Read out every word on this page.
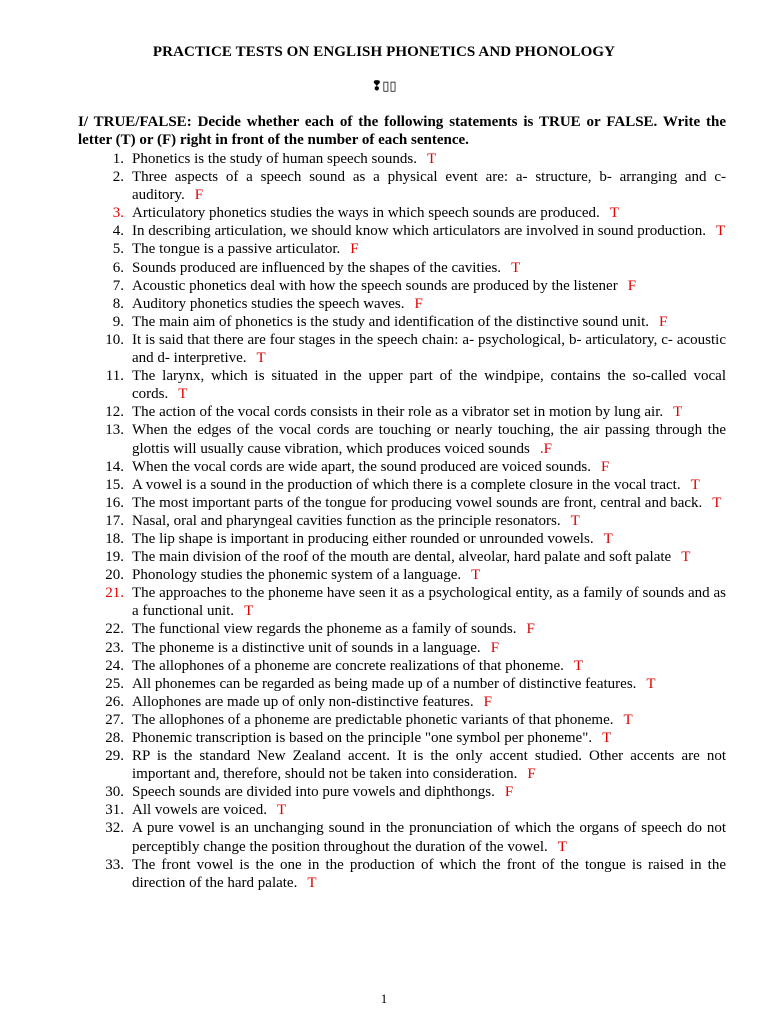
PRACTICE TESTS ON ENGLISH PHONETICS AND PHONOLOGY
❢▯▯
I/ TRUE/FALSE: Decide whether each of the following statements is TRUE or FALSE. Write the letter (T) or (F) right in front of the number of each sentence.
1. Phonetics is the study of human speech sounds. T
2. Three aspects of a speech sound as a physical event are: a- structure, b- arranging and c- auditory. F
3. Articulatory phonetics studies the ways in which speech sounds are produced. T
4. In describing articulation, we should know which articulators are involved in sound production. T
5. The tongue is a passive articulator. F
6. Sounds produced are influenced by the shapes of the cavities. T
7. Acoustic phonetics deal with how the speech sounds are produced by the listener F
8. Auditory phonetics studies the speech waves. F
9. The main aim of phonetics is the study and identification of the distinctive sound unit. F
10. It is said that there are four stages in the speech chain: a- psychological, b- articulatory, c- acoustic and d- interpretive. T
11. The larynx, which is situated in the upper part of the windpipe, contains the so-called vocal cords. T
12. The action of the vocal cords consists in their role as a vibrator set in motion by lung air. T
13. When the edges of the vocal cords are touching or nearly touching, the air passing through the glottis will usually cause vibration, which produces voiced sounds .F
14. When the vocal cords are wide apart, the sound produced are voiced sounds. F
15. A vowel is a sound in the production of which there is a complete closure in the vocal tract. T
16. The most important parts of the tongue for producing vowel sounds are front, central and back. T
17. Nasal, oral and pharyngeal cavities function as the principle resonators. T
18. The lip shape is important in producing either rounded or unrounded vowels. T
19. The main division of the roof of the mouth are dental, alveolar, hard palate and soft palate T
20. Phonology studies the phonemic system of a language. T
21. The approaches to the phoneme have seen it as a psychological entity, as a family of sounds and as a functional unit. T
22. The functional view regards the phoneme as a family of sounds. F
23. The phoneme is a distinctive unit of sounds in a language. F
24. The allophones of a phoneme are concrete realizations of that phoneme. T
25. All phonemes can be regarded as being made up of a number of distinctive features. T
26. Allophones are made up of only non-distinctive features. F
27. The allophones of a phoneme are predictable phonetic variants of that phoneme. T
28. Phonemic transcription is based on the principle "one symbol per phoneme". T
29. RP is the standard New Zealand accent. It is the only accent studied. Other accents are not important and, therefore, should not be taken into consideration. F
30. Speech sounds are divided into pure vowels and diphthongs. F
31. All vowels are voiced. T
32. A pure vowel is an unchanging sound in the pronunciation of which the organs of speech do not perceptibly change the position throughout the duration of the vowel. T
33. The front vowel is the one in the production of which the front of the tongue is raised in the direction of the hard palate. T
1
